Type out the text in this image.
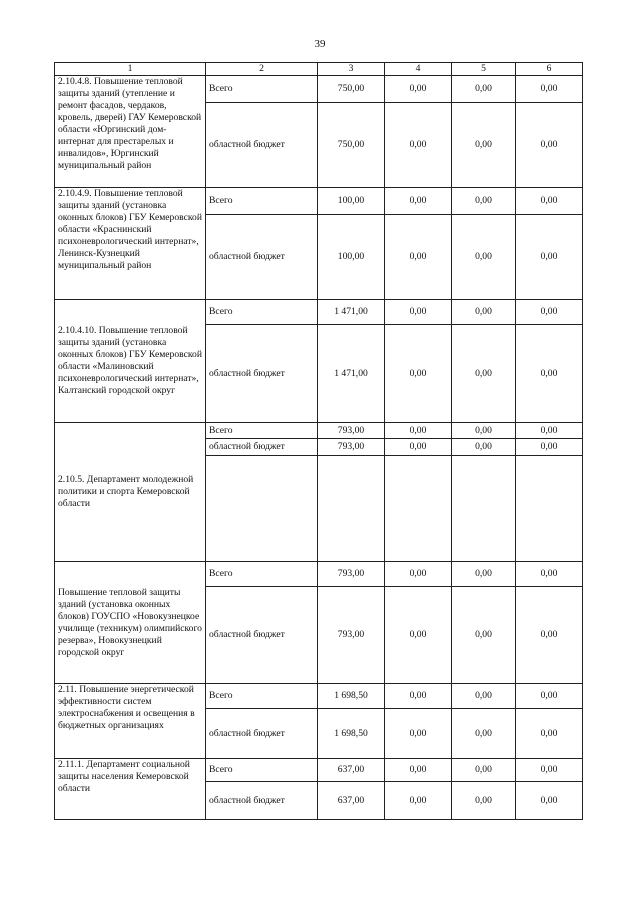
39
1	2	3	4	5	6
2.10.4.8. Повышение тепловой защиты зданий (утепление и ремонт фасадов, чердаков, кровель, дверей) ГАУ Кемеровской области «Юргинский дом-интернат для престарелых и инвалидов», Юргинский муниципальный район	Всего	750,00	0,00	0,00	0,00
	областной бюджет	750,00	0,00	0,00	0,00
2.10.4.9. Повышение тепловой защиты зданий (установка оконных блоков) ГБУ Кемеровской области «Краснинский психоневрологический интернат», Ленинск-Кузнецкий муниципальный район	Всего	100,00	0,00	0,00	0,00
	областной бюджет	100,00	0,00	0,00	0,00
2.10.4.10. Повышение тепловой защиты зданий (установка оконных блоков) ГБУ Кемеровской области «Малиновский психоневрологический интернат», Калтанский городской округ	Всего	1 471,00	0,00	0,00	0,00
	областной бюджет	1 471,00	0,00	0,00	0,00
2.10.5. Департамент молодежной политики и спорта Кемеровской области	Всего	793,00	0,00	0,00	0,00
	областной бюджет	793,00	0,00	0,00	0,00

Повышение тепловой защиты зданий (установка оконных блоков) ГОУСПО «Новокузнецкое училище (техникум) олимпийского резерва», Новокузнецкий городской округ	Всего	793,00	0,00	0,00	0,00
	областной бюджет	793,00	0,00	0,00	0,00
2.11. Повышение энергетической эффективности систем электроснабжения и освещения в бюджетных организациях	Всего	1 698,50	0,00	0,00	0,00
	областной бюджет	1 698,50	0,00	0,00	0,00
2.11.1. Департамент социальной защиты населения Кемеровской области	Всего	637,00	0,00	0,00	0,00
	областной бюджет	637,00	0,00	0,00	0,00
